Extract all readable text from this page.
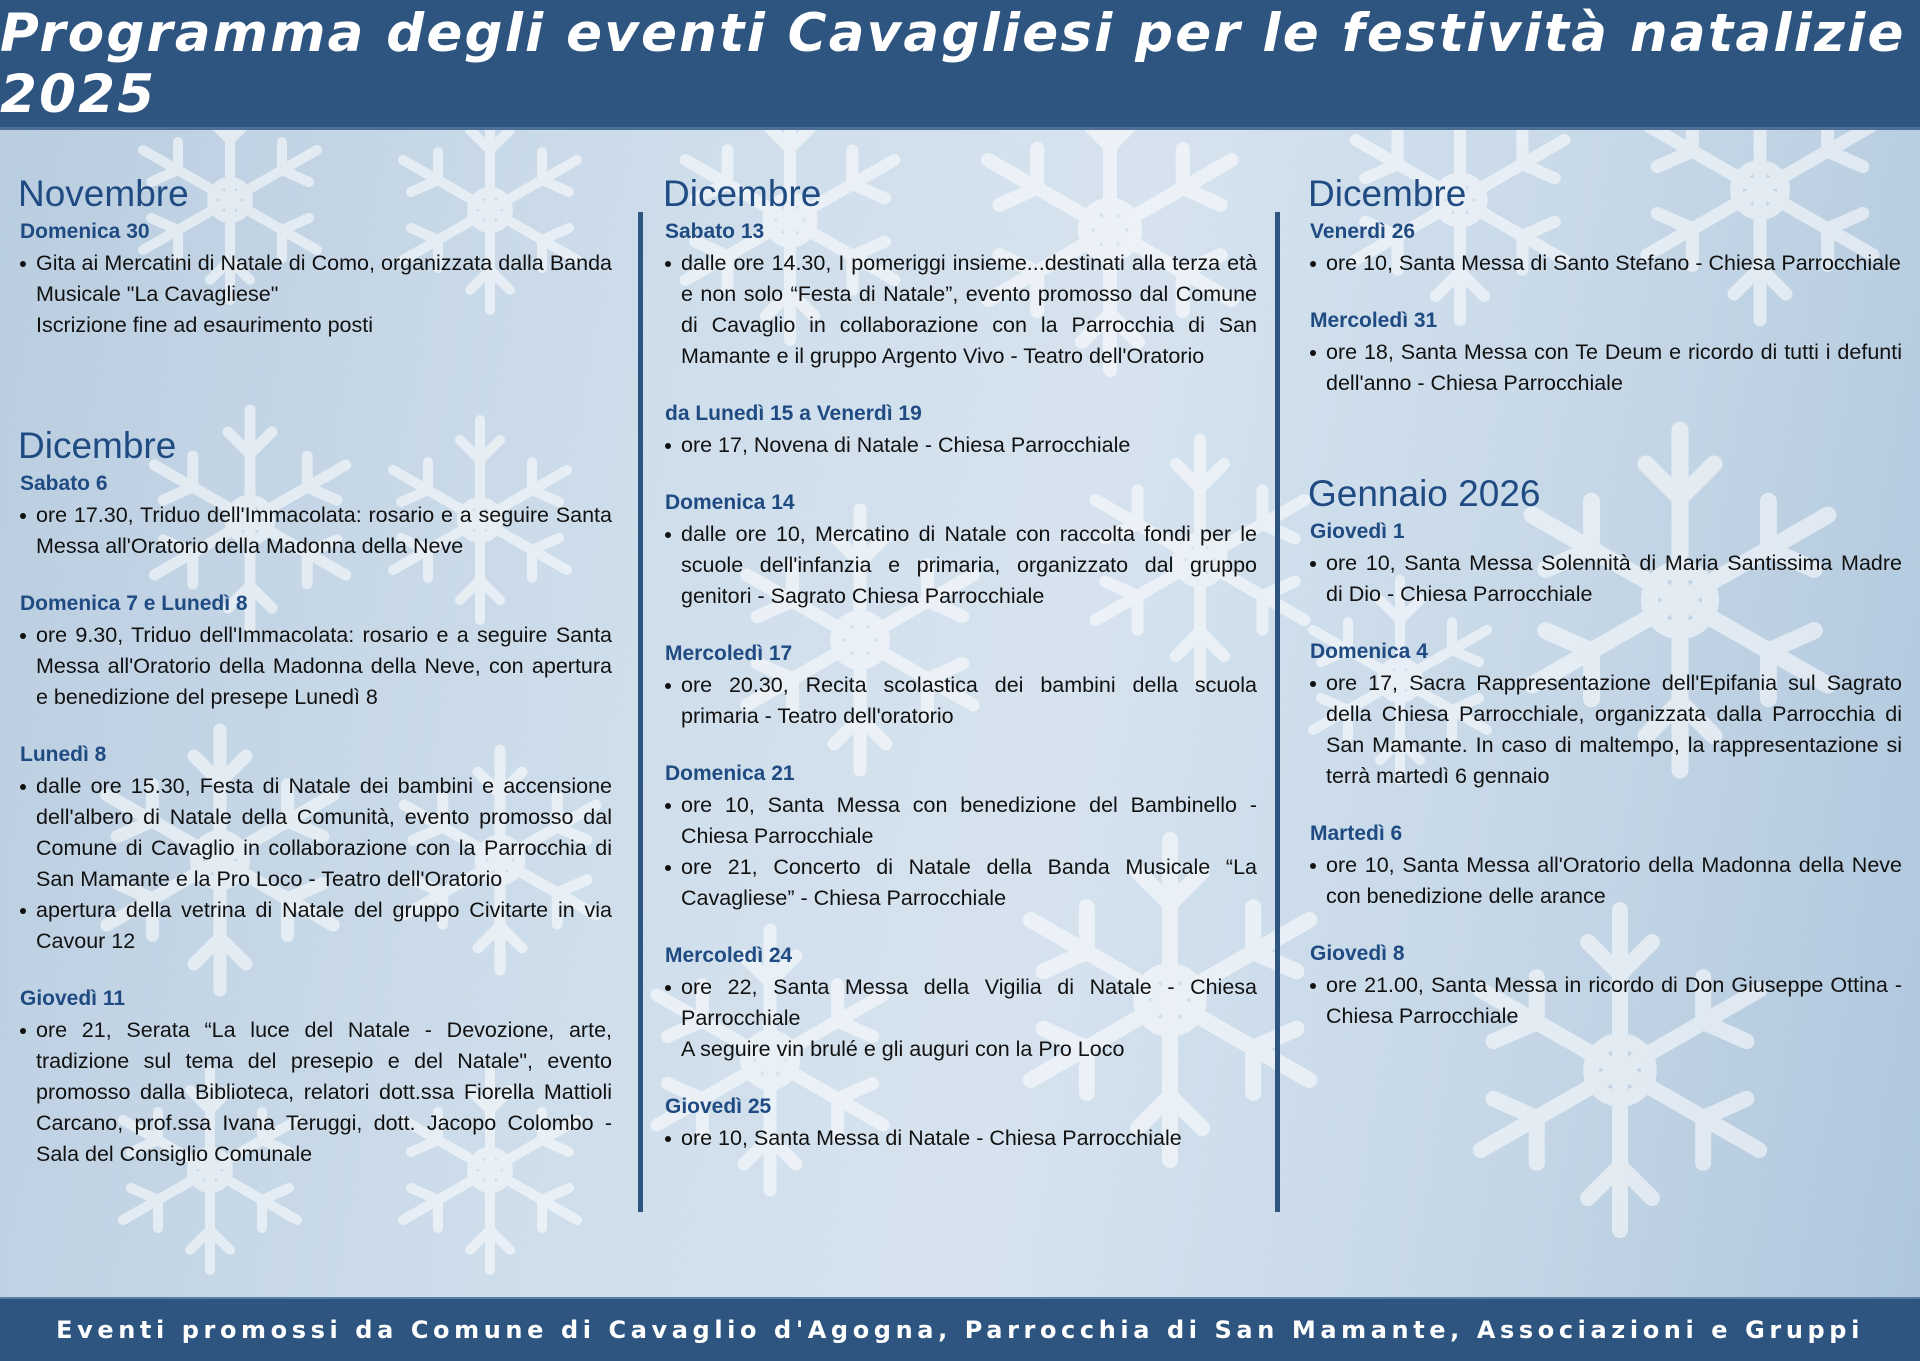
Programma degli eventi Cavagliesi per le festività natalizie 2025
Novembre
Domenica 30
Gita ai Mercatini di Natale di Como, organizzata dalla Banda Musicale "La Cavagliese"
Iscrizione fine ad esaurimento posti
Dicembre
Sabato 6
ore 17.30, Triduo dell'Immacolata: rosario e a seguire Santa Messa all'Oratorio della Madonna della Neve
Domenica 7 e Lunedì 8
ore 9.30, Triduo dell'Immacolata: rosario e a seguire Santa Messa all'Oratorio della Madonna della Neve, con apertura e benedizione del presepe Lunedì 8
Lunedì 8
dalle ore 15.30, Festa di Natale dei bambini e accensione dell'albero di Natale della Comunità, evento promosso dal Comune di Cavaglio in collaborazione con la Parrocchia di San Mamante e la Pro Loco - Teatro dell'Oratorio
apertura della vetrina di Natale del gruppo Civitarte in via Cavour 12
Giovedì 11
ore 21, Serata “La luce del Natale - Devozione, arte, tradizione sul tema del presepio e del Natale", evento promosso dalla Biblioteca, relatori dott.ssa Fiorella Mattioli Carcano, prof.ssa Ivana Teruggi, dott. Jacopo Colombo - Sala del Consiglio Comunale
Dicembre
Sabato 13
dalle ore 14.30, I pomeriggi insieme...destinati alla terza età e non solo “Festa di Natale”, evento promosso dal Comune di Cavaglio in collaborazione con la Parrocchia di San Mamante e il gruppo Argento Vivo - Teatro dell'Oratorio
da Lunedì 15 a Venerdì 19
ore 17, Novena di Natale - Chiesa Parrocchiale
Domenica 14
dalle ore 10, Mercatino di Natale con raccolta fondi per le scuole dell'infanzia e primaria, organizzato dal gruppo genitori - Sagrato Chiesa Parrocchiale
Mercoledì 17
ore 20.30, Recita scolastica dei bambini della scuola primaria - Teatro dell'oratorio
Domenica 21
ore 10, Santa Messa con benedizione del Bambinello - Chiesa Parrocchiale
ore 21, Concerto di Natale della Banda Musicale “La Cavagliese” - Chiesa Parrocchiale
Mercoledì 24
ore 22, Santa Messa della Vigilia di Natale - Chiesa Parrocchiale
A seguire vin brulé e gli auguri con la Pro Loco
Giovedì 25
ore 10, Santa Messa di Natale - Chiesa Parrocchiale
Dicembre
Venerdì 26
ore 10, Santa Messa di Santo Stefano - Chiesa Parrocchiale
Mercoledì 31
ore 18, Santa Messa con Te Deum e ricordo di tutti i defunti dell'anno - Chiesa Parrocchiale
Gennaio 2026
Giovedì 1
ore 10, Santa Messa Solennità di Maria Santissima Madre di Dio - Chiesa Parrocchiale
Domenica 4
ore 17, Sacra Rappresentazione dell'Epifania sul Sagrato della Chiesa Parrocchiale, organizzata dalla Parrocchia di San Mamante. In caso di maltempo, la rappresentazione si terrà martedì 6 gennaio
Martedì 6
ore 10, Santa Messa all'Oratorio della Madonna della Neve con benedizione delle arance
Giovedì 8
ore 21.00, Santa Messa in ricordo di Don Giuseppe Ottina - Chiesa Parrocchiale
Eventi promossi da Comune di Cavaglio d'Agogna, Parrocchia di San Mamante, Associazioni e Gruppi
